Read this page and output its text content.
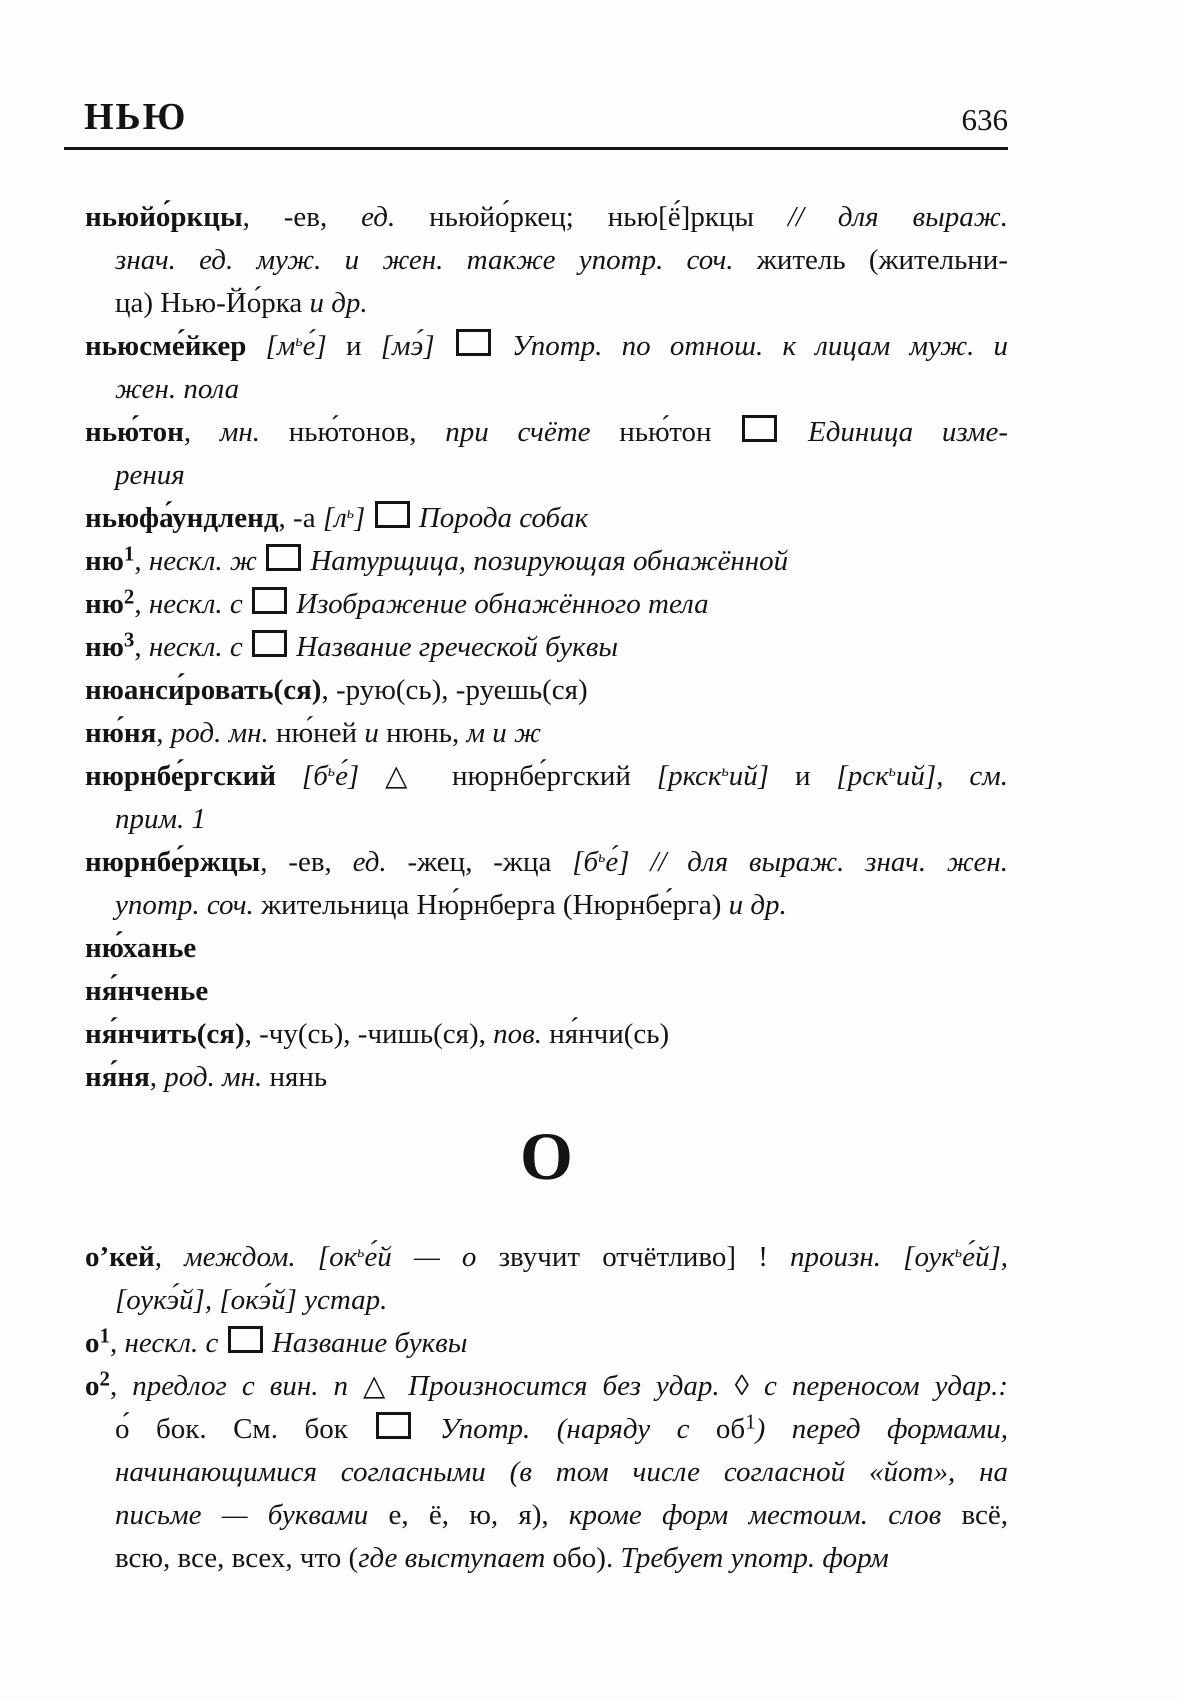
НЬЮ	636
ньюйо́ркцы, -ев, ед. ньюйо́ркец; нью[ё́]ркцы // для выраж.
знач. ед. муж. и жен. также употр. соч. житель (жительни-
ца) Нью-Йо́рка и др.
ньюсме́йкер $[м^ье́]$ и [мэ́]	Употр. по отнош. к лицам муж. и
жен. пола
нью́тон, мн. нью́тонов, при счёте нью́тон  Единица изме-
рения
ньюфа́ундленд, -а $[л^ь]$ Порода собак
$ню^1$, нескл. ж Натурщица, позирующая обнажённой
$ню^2$, нескл. с Изображение обнажённого тела
$ню^3$, нескл. с Название греческой буквы
нюанси́ровать(ся), -рую(сь), -руешь(ся)
ню́ня, род. мн. ню́ней и нюнь, м и ж
нюрнбе́ргский $[б^ье́]$ △ нюрнбе́ргский [ркск$^ь$ий] и [рск$^ь$ий], см.
прим. 1
нюрнбе́ржцы, -ев, ед. -жец, -жца $[б^ье́]$ // для выраж. знач. жен.
употр. соч. жительница Ню́рнберга (Нюрнбе́рга) и др.
ню́ханье
ня́нченье
ня́нчить(ся), -чу(сь), -чишь(ся), пов. ня́нчи(сь)
ня́ня, род. мн. нянь
О
о’кей, междом. [$ок^ье́й$ — о звучит отчётливо] ! произн. [оук$^ь$е́й],
[оукэ́й], [окэ́й] устар.
$о^1$, нескл. с Название буквы
$о^2$, предлог с вин. п △ Произносится без удар. ◊ с переносом удар.:
о́ бок. См. бок  Употр. (наряду с $об^1$) перед формами,
начинающимися согласными (в том числе согласной «йот», на
письме — буквами е, ё, ю, я), кроме форм местоим. слов всё,
всю, все, всех, что (где выступает обо). Требует употр. форм
